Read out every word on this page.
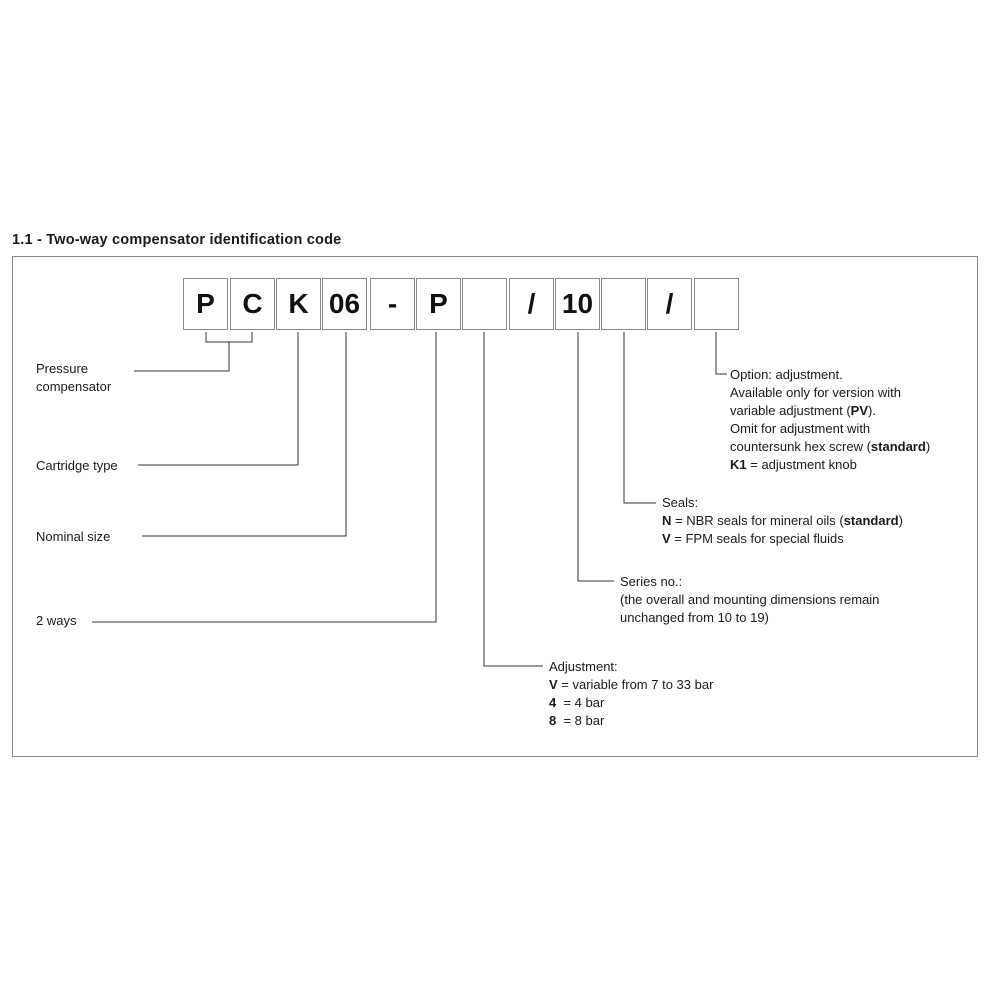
1.1 - Two-way compensator identification code
P C K 06 -	P	/ 10	/
Pressure
compensator
Cartridge type
Nominal size
2 ways
Option: adjustment.
Available only for version with
variable adjustment (PV).
Omit for adjustment with
countersunk hex screw (standard)
K1 = adjustment knob
Seals:
N = NBR seals for mineral oils (standard)
V = FPM seals for special fluids
Series no.:
(the overall and mounting dimensions remain
unchanged from 10 to 19)
Adjustment:
V = variable from 7 to 33 bar
4  = 4 bar
8  = 8 bar
